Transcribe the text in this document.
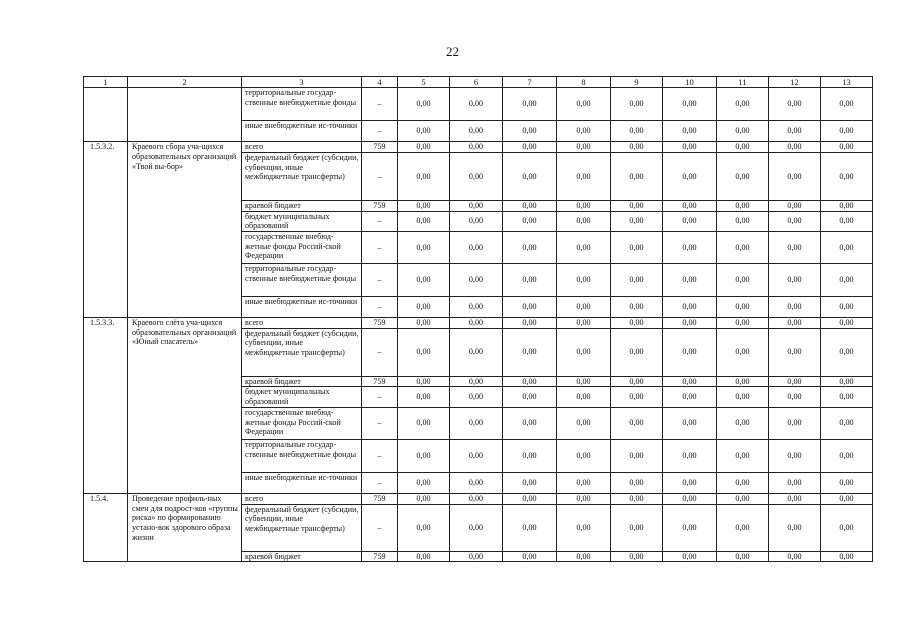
22
1	2	3	4	5	6	7	8	9	10	11	12	13
		территориальные государ-ственные внебюджетные фонды	–	0,00	0,00	0,00	0,00	0,00	0,00	0,00	0,00	0,00
		иные внебюджетные ис-точники	–	0,00	0,00	0,00	0,00	0,00	0,00	0,00	0,00	0,00
1.5.3.2.	Краевого сбора уча-щихся образовательных организаций «Твой вы-бор»	всего	759	0,00	0,00	0,00	0,00	0,00	0,00	0,00	0,00	0,00
		федеральный бюджет (субсидии, субвенции, иные межбюджетные трансферты)	–	0,00	0,00	0,00	0,00	0,00	0,00	0,00	0,00	0,00
		краевой бюджет	759	0,00	0,00	0,00	0,00	0,00	0,00	0,00	0,00	0,00
		бюджет муниципальных образований	–	0,00	0,00	0,00	0,00	0,00	0,00	0,00	0,00	0,00
		государственные внебюд-жетные фонды Россий-ской Федерации	–	0,00	0,00	0,00	0,00	0,00	0,00	0,00	0,00	0,00
		территориальные государ-ственные внебюджетные фонды	–	0,00	0,00	0,00	0,00	0,00	0,00	0,00	0,00	0,00
		иные внебюджетные ис-точники	–	0,00	0,00	0,00	0,00	0,00	0,00	0,00	0,00	0,00
1.5.3.3.	Краевого слёта уча-щихся образовательных организаций «Юный спасатель»	всего	759	0,00	0,00	0,00	0,00	0,00	0,00	0,00	0,00	0,00
		федеральный бюджет (субсидии, субвенции, иные межбюджетные трансферты)	–	0,00	0,00	0,00	0,00	0,00	0,00	0,00	0,00	0,00
		краевой бюджет	759	0,00	0,00	0,00	0,00	0,00	0,00	0,00	0,00	0,00
		бюджет муниципальных образований	–	0,00	0,00	0,00	0,00	0,00	0,00	0,00	0,00	0,00
		государственные внебюд-жетные фонды Россий-ской Федерации	–	0,00	0,00	0,00	0,00	0,00	0,00	0,00	0,00	0,00
		территориальные государ-ственные внебюджетные фонды	–	0,00	0,00	0,00	0,00	0,00	0,00	0,00	0,00	0,00
		иные внебюджетные ис-точники	–	0,00	0,00	0,00	0,00	0,00	0,00	0,00	0,00	0,00
1.5.4.	Проведение профиль-ных смен для подрост-ков «группы риска» по формированию устано-вок здорового образа жизни	всего	759	0,00	0,00	0,00	0,00	0,00	0,00	0,00	0,00	0,00
		федеральный бюджет (субсидии, субвенции, иные межбюджетные трансферты)	–	0,00	0,00	0,00	0,00	0,00	0,00	0,00	0,00	0,00
		краевой бюджет	759	0,00	0,00	0,00	0,00	0,00	0,00	0,00	0,00	0,00
